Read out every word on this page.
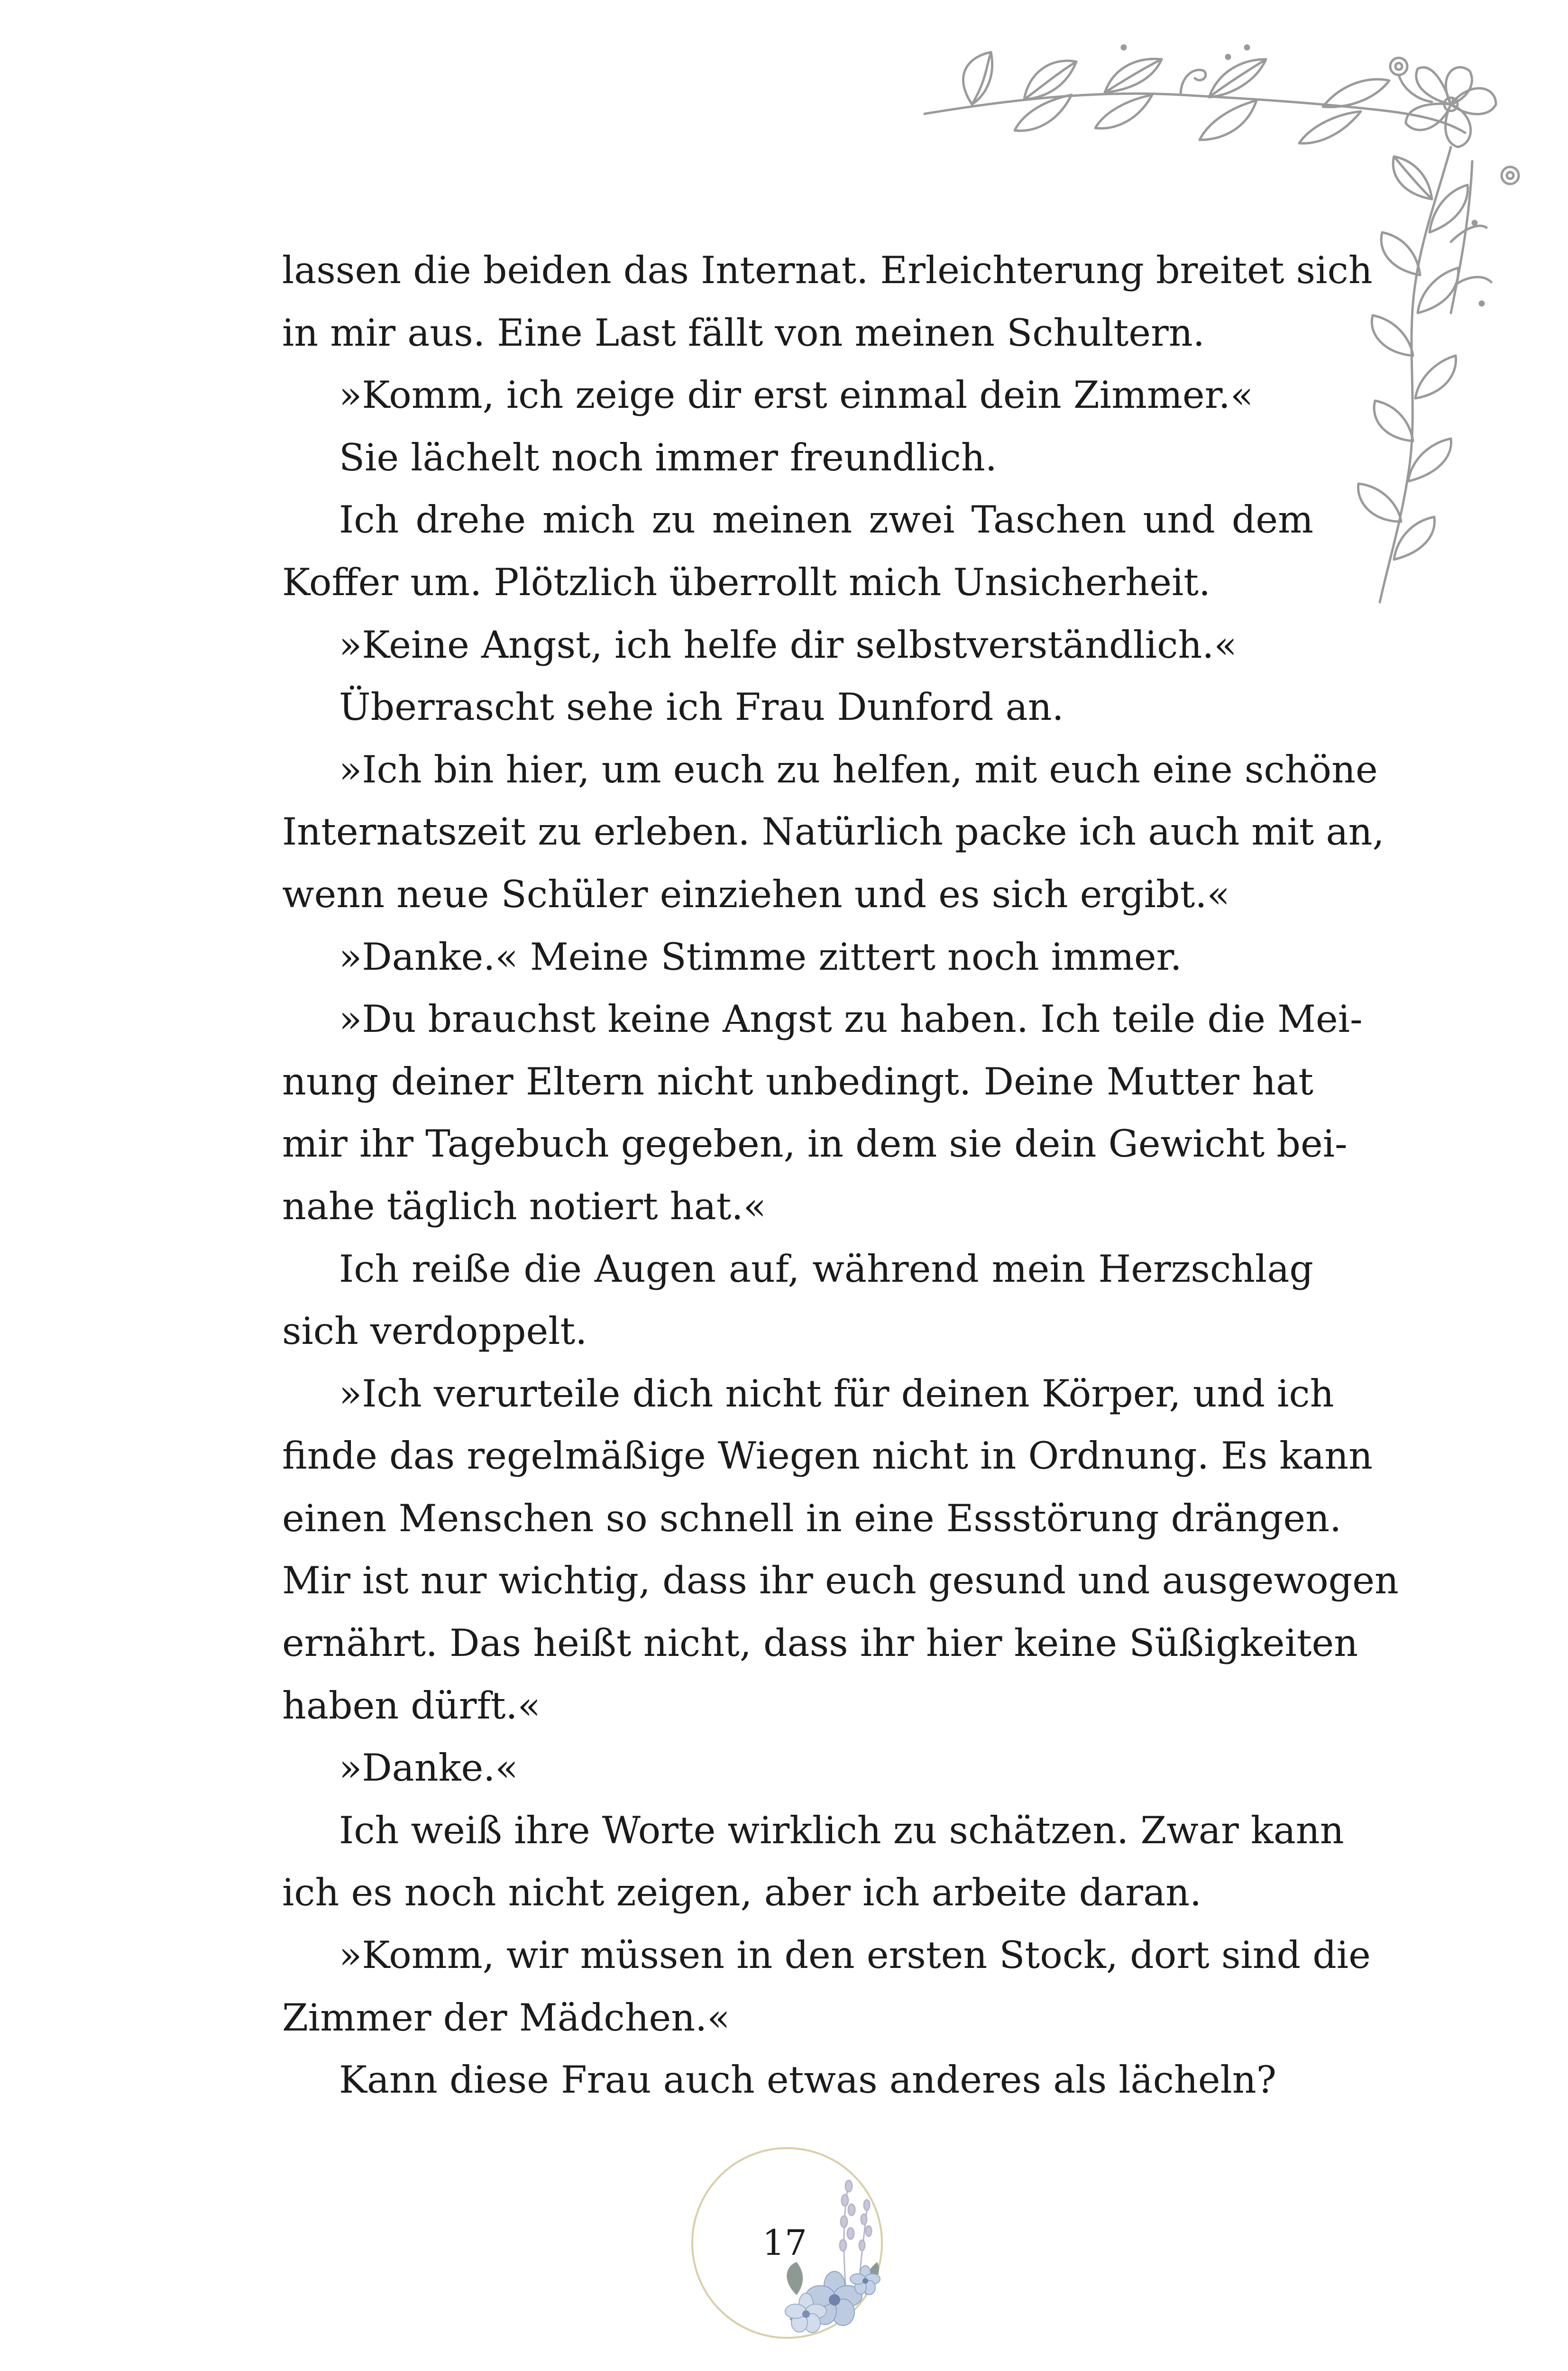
lassen die beiden das Internat. Erleichterung breitet sich
in mir aus. Eine Last fällt von meinen Schultern.
»Komm, ich zeige dir erst einmal dein Zimmer.«
Sie lächelt noch immer freundlich.
Ich drehe mich zu meinen zwei Taschen und dem
Koffer um. Plötzlich überrollt mich Unsicherheit.
»Keine Angst, ich helfe dir selbstverständlich.«
Überrascht sehe ich Frau Dunford an.
»Ich bin hier, um euch zu helfen, mit euch eine schöne
Internatszeit zu erleben. Natürlich packe ich auch mit an,
wenn neue Schüler einziehen und es sich ergibt.«
»Danke.« Meine Stimme zittert noch immer.
»Du brauchst keine Angst zu haben. Ich teile die Mei-
nung deiner Eltern nicht unbedingt. Deine Mutter hat
mir ihr Tagebuch gegeben, in dem sie dein Gewicht bei-
nahe täglich notiert hat.«
Ich reiße die Augen auf, während mein Herzschlag
sich verdoppelt.
»Ich verurteile dich nicht für deinen Körper, und ich
finde das regelmäßige Wiegen nicht in Ordnung. Es kann
einen Menschen so schnell in eine Essstörung drängen.
Mir ist nur wichtig, dass ihr euch gesund und ausgewogen
ernährt. Das heißt nicht, dass ihr hier keine Süßigkeiten
haben dürft.«
»Danke.«
Ich weiß ihre Worte wirklich zu schätzen. Zwar kann
ich es noch nicht zeigen, aber ich arbeite daran.
»Komm, wir müssen in den ersten Stock, dort sind die
Zimmer der Mädchen.«
Kann diese Frau auch etwas anderes als lächeln?
17
